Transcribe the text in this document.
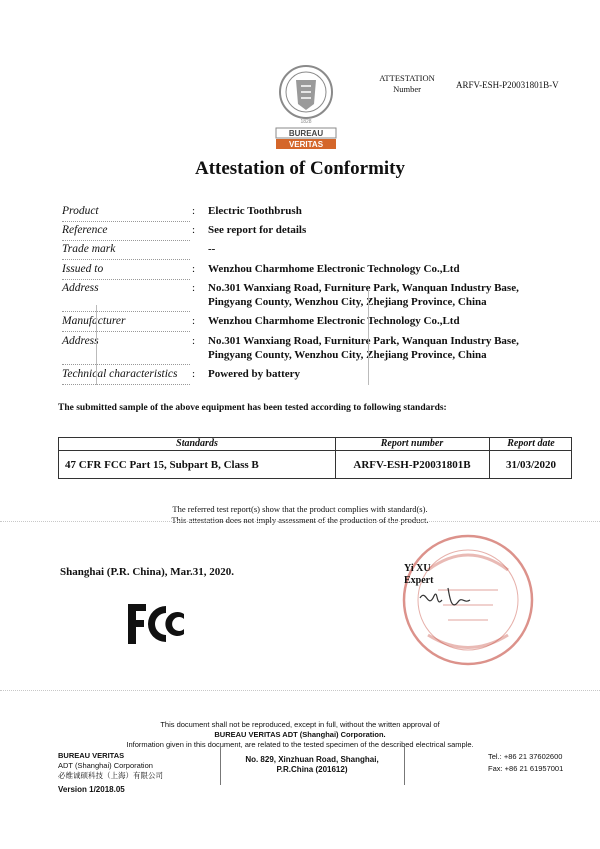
ATTESTATION
Number	ARFV-ESH-P20031801B-V
1828
BUREAU
VERITAS
Attestation of Conformity
Product	: Electric Toothbrush
Reference	: See report for details
Trade mark	--
Issued to	: Wenzhou Charmhome Electronic Technology Co.,Ltd
Address	: No.301 Wanxiang Road, Furniture Park, Wanquan Industry Base,
Pingyang County, Wenzhou City, Zhejiang Province, China
Manufacturer	: Wenzhou Charmhome Electronic Technology Co.,Ltd
Address	: No.301 Wanxiang Road, Furniture Park, Wanquan Industry Base,
Pingyang County, Wenzhou City, Zhejiang Province, China
Technical characteristics : Powered by battery
The submitted sample of the above equipment has been tested according to following standards:
Standards	Report number	Report date
47 CFR FCC Part 15, Subpart B, Class B	ARFV-ESH-P20031801B	31/03/2020
The referred test report(s) show that the product complies with standard(s).
This attestation does not imply assessment of the production of the product.
Shanghai (P.R. China), Mar.31, 2020.	Yi XU
Expert
This document shall not be reproduced, except in full, without the written approval of
BUREAU VERITAS ADT (Shanghai) Corporation.
Information given in this document, are related to the tested specimen of the described electrical sample.
BUREAU VERITAS
ADT (Shanghai) Corporation
必维诚硕科技（上海）有限公司
No. 829, Xinzhuan Road, Shanghai,
P.R.China (201612)
Tel.: +86 21 37602600
Fax: +86 21 61957001
Version 1/2018.05
